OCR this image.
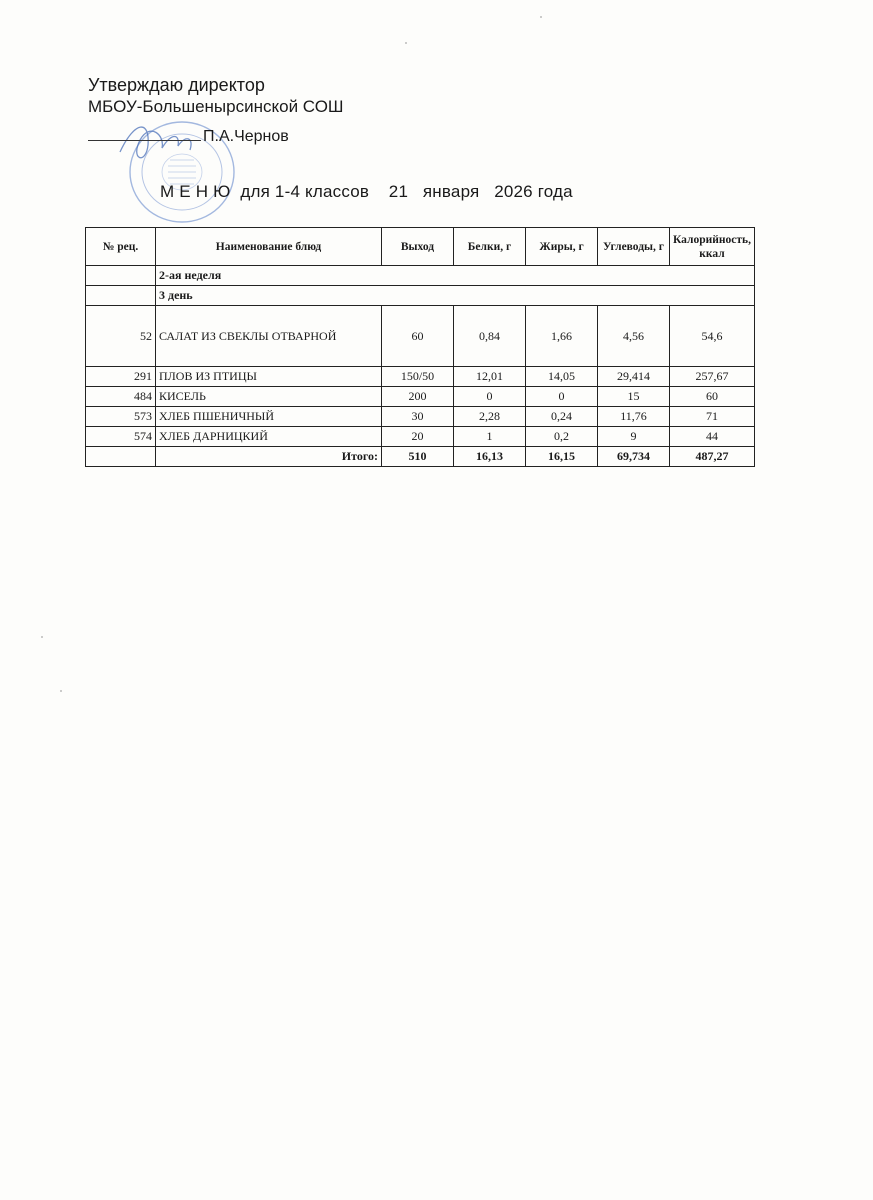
Утверждаю директор
МБОУ-Большенырсинской СОШ
П.А.Чернов
М Е Н Ю  для 1-4 классов    21   января   2026 года
№ рец.	Наименование блюд	Выход	Белки, г	Жиры, г	Углеводы, г	Калорийность, ккал
	2-ая неделя					
	3 день					
52	САЛАТ ИЗ СВЕКЛЫ ОТВАРНОЙ	60	0,84	1,66	4,56	54,6
291	ПЛОВ ИЗ ПТИЦЫ	150/50	12,01	14,05	29,414	257,67
484	КИСЕЛЬ	200	0	0	15	60
573	ХЛЕБ ПШЕНИЧНЫЙ	30	2,28	0,24	11,76	71
574	ХЛЕБ ДАРНИЦКИЙ	20	1	0,2	9	44
	Итого:	510	16,13	16,15	69,734	487,27
